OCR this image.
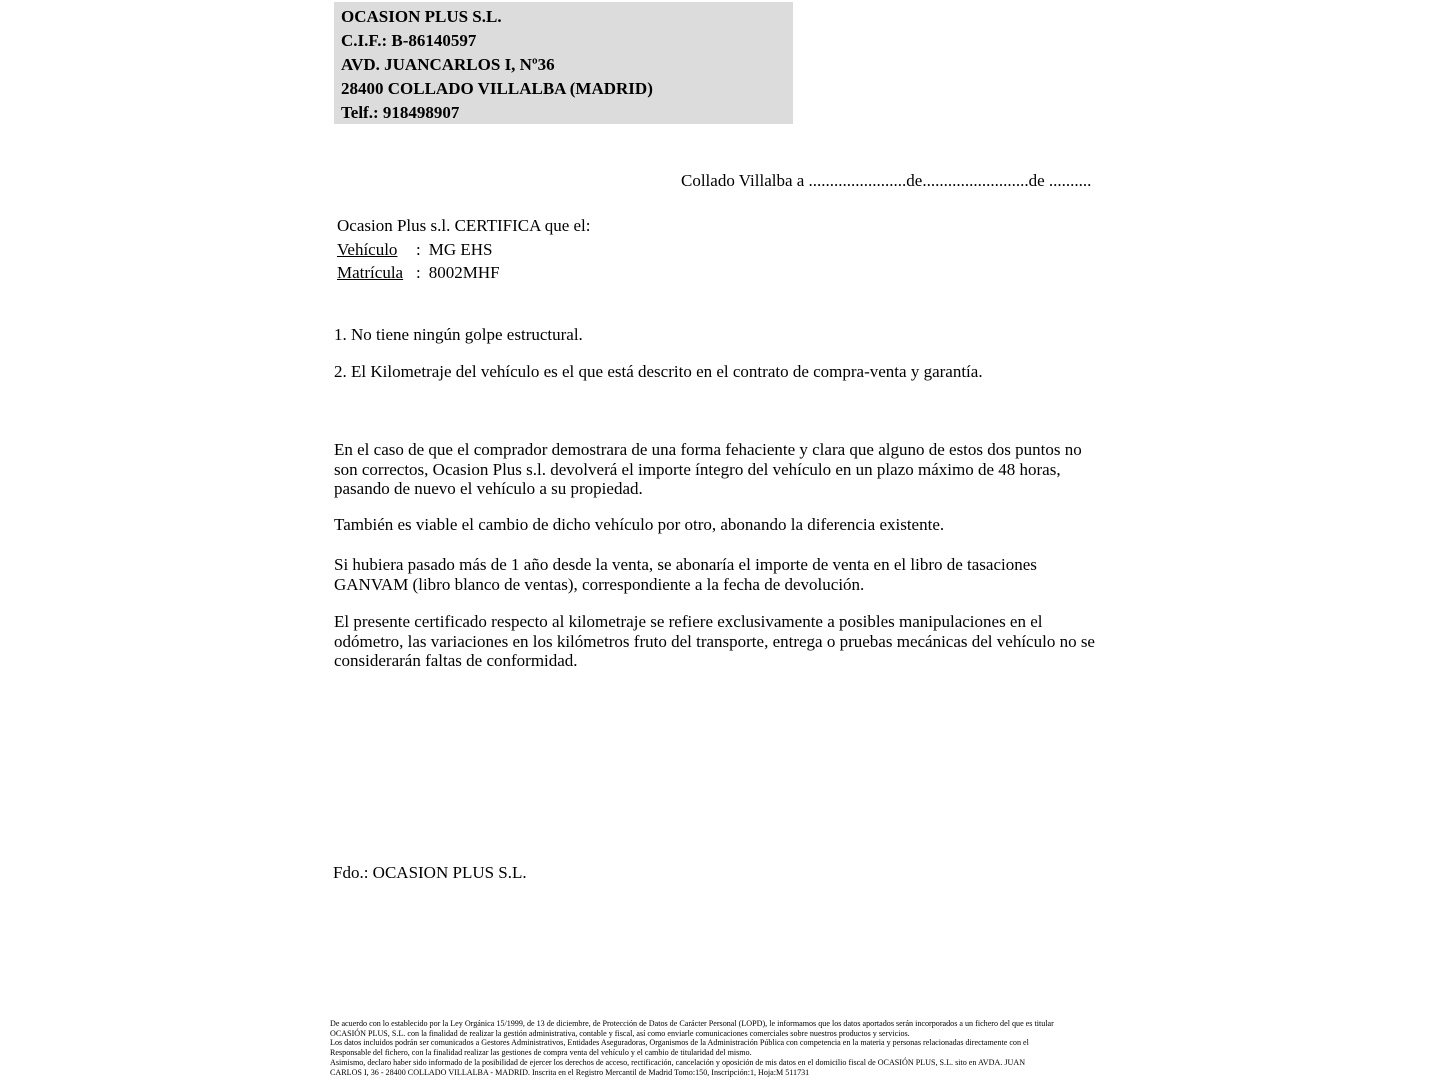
OCASION PLUS S.L.
C.I.F.: B-86140597
AVD. JUANCARLOS I, Nº36
28400 COLLADO VILLALBA (MADRID)
Telf.: 918498907
Collado Villalba a .......................de.........................de ..........
Ocasion Plus s.l. CERTIFICA que el:
Vehículo	: MG EHS
Matrícula : 8002MHF
1. No tiene ningún golpe estructural.
2. El Kilometraje del vehículo es el que está descrito en el contrato de compra-venta y garantía.
En el caso de que el comprador demostrara de una forma fehaciente y clara que alguno de estos dos puntos no son correctos, Ocasion Plus s.l. devolverá el importe íntegro del vehículo en un plazo máximo de 48 horas, pasando de nuevo el vehículo a su propiedad.
También es viable el cambio de dicho vehículo por otro, abonando la diferencia existente.
Si hubiera pasado más de 1 año desde la venta, se abonaría el importe de venta en el libro de tasaciones GANVAM (libro blanco de ventas), correspondiente a la fecha de devolución.
El presente certificado respecto al kilometraje se refiere exclusivamente a posibles manipulaciones en el odómetro, las variaciones en los kilómetros fruto del transporte, entrega o pruebas mecánicas del vehículo no se considerarán faltas de conformidad.
Fdo.: OCASION PLUS S.L.
De acuerdo con lo establecido por la Ley Orgánica 15/1999, de 13 de diciembre, de Protección de Datos de Carácter Personal (LOPD), le informamos que los datos aportados serán incorporados a un fichero del que es titular
OCASIÓN PLUS, S.L. con la finalidad de realizar la gestión administrativa, contable y fiscal, así como enviarle comunicaciones comerciales sobre nuestros productos y servicios.
Los datos incluidos podrán ser comunicados a Gestores Administrativos, Entidades Aseguradoras, Organismos de la Administración Pública con competencia en la materia y personas relacionadas directamente con el
Responsable del fichero, con la finalidad realizar las gestiones de compra venta del vehículo y el cambio de titularidad del mismo.
Asimismo, declaro haber sido informado de la posibilidad de ejercer los derechos de acceso, rectificación, cancelación y oposición de mis datos en el domicilio fiscal de OCASIÓN PLUS, S.L. sito en AVDA. JUAN
CARLOS I, 36 - 28400 COLLADO VILLALBA - MADRID. Inscrita en el Registro Mercantil de Madrid Tomo:150, Inscripción:1, Hoja:M 511731
